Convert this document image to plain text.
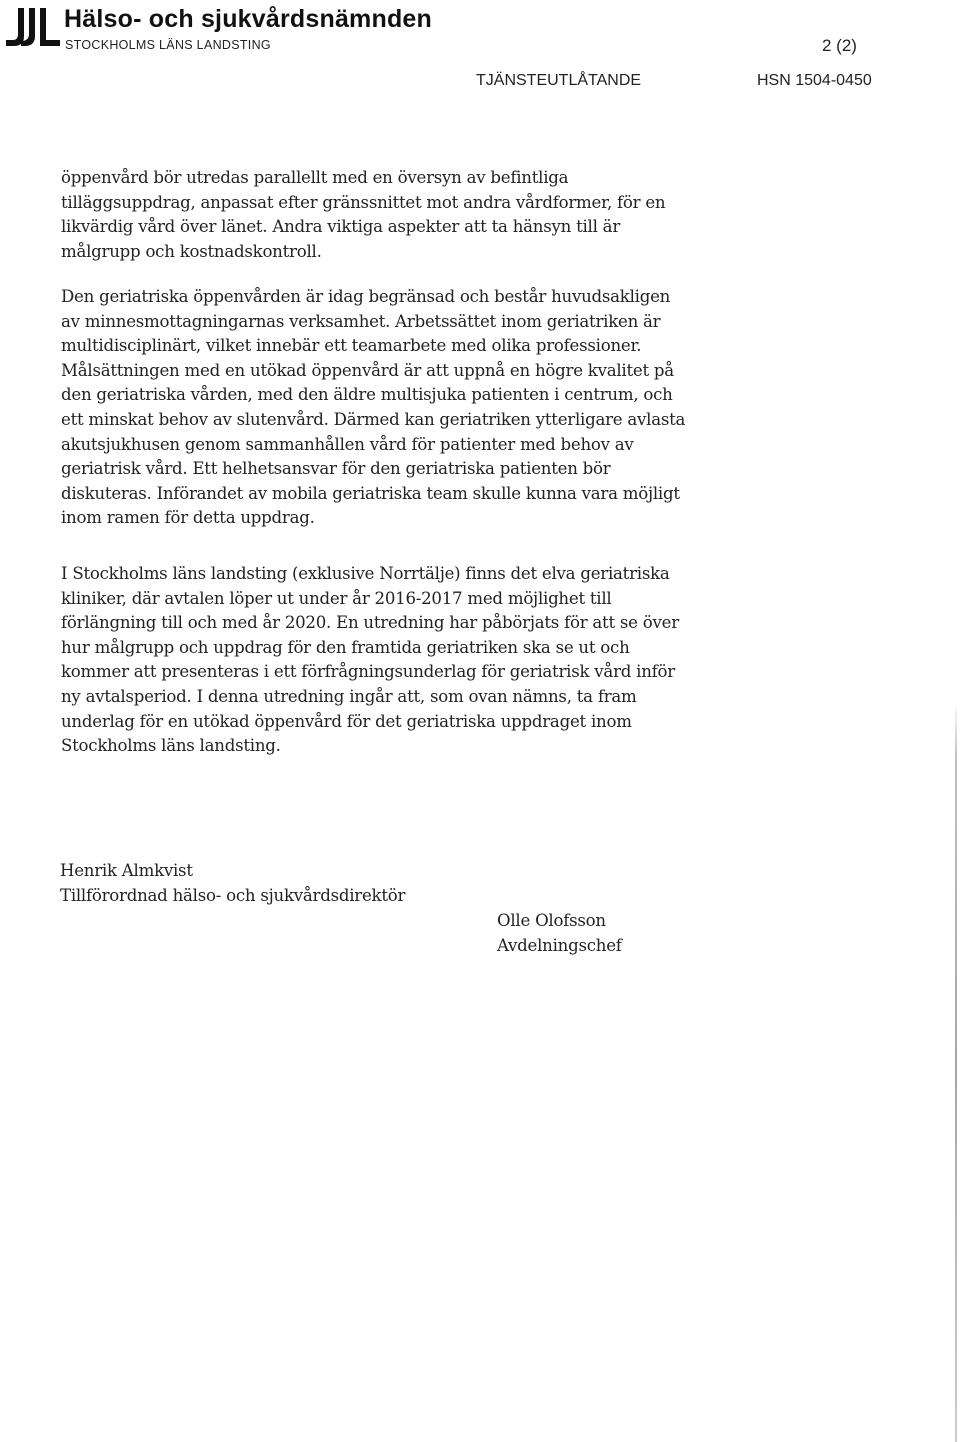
Hälso- och sjukvårdsnämnden
STOCKHOLMS LÄNS LANDSTING	2 (2)
TJÄNSTEUTLÅTANDE	HSN 1504-0450
öppenvård bör utredas parallellt med en översyn av befintliga
tilläggsuppdrag, anpassat efter gränssnittet mot andra vårdformer, för en
likvärdig vård över länet. Andra viktiga aspekter att ta hänsyn till är
målgrupp och kostnadskontroll.
Den geriatriska öppenvården är idag begränsad och består huvudsakligen
av minnesmottagningarnas verksamhet. Arbetssättet inom geriatriken är
multidisciplinärt, vilket innebär ett teamarbete med olika professioner.
Målsättningen med en utökad öppenvård är att uppnå en högre kvalitet på
den geriatriska vården, med den äldre multisjuka patienten i centrum, och
ett minskat behov av slutenvård. Därmed kan geriatriken ytterligare avlasta
akutsjukhusen genom sammanhållen vård för patienter med behov av
geriatrisk vård. Ett helhetsansvar för den geriatriska patienten bör
diskuteras. Införandet av mobila geriatriska team skulle kunna vara möjligt
inom ramen för detta uppdrag.
I Stockholms läns landsting (exklusive Norrtälje) finns det elva geriatriska
kliniker, där avtalen löper ut under år 2016-2017 med möjlighet till
förlängning till och med år 2020. En utredning har påbörjats för att se över
hur målgrupp och uppdrag för den framtida geriatriken ska se ut och
kommer att presenteras i ett förfrågningsunderlag för geriatrisk vård inför
ny avtalsperiod. I denna utredning ingår att, som ovan nämns, ta fram
underlag för en utökad öppenvård för det geriatriska uppdraget inom
Stockholms läns landsting.
Henrik Almkvist
Tillförordnad hälso- och sjukvårdsdirektör
Olle Olofsson
Avdelningschef
